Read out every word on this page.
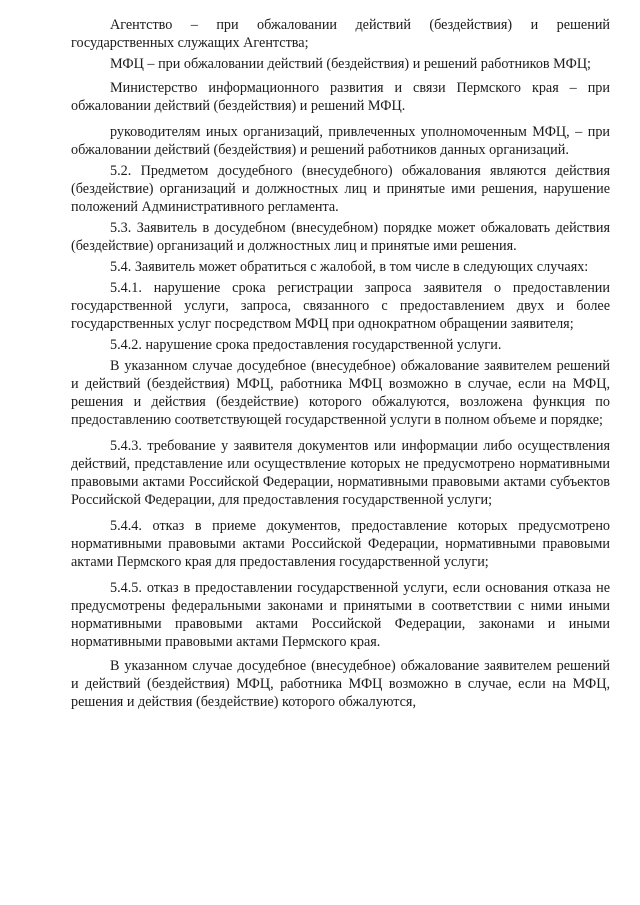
Агентство – при обжаловании действий (бездействия) и решений государственных служащих Агентства;

МФЦ – при обжаловании действий (бездействия) и решений работников МФЦ;

Министерство информационного развития и связи Пермского края – при обжаловании действий (бездействия) и решений МФЦ.

руководителям иных организаций, привлеченных уполномоченным МФЦ, – при обжаловании действий (бездействия) и решений работников данных организаций.

5.2. Предметом досудебного (внесудебного) обжалования являются действия (бездействие) организаций и должностных лиц и принятые ими решения, нарушение положений Административного регламента.

5.3. Заявитель в досудебном (внесудебном) порядке может обжаловать действия (бездействие) организаций и должностных лиц и принятые ими решения.

5.4. Заявитель может обратиться с жалобой, в том числе в следующих случаях:

5.4.1. нарушение срока регистрации запроса заявителя о предоставлении государственной услуги, запроса, связанного с предоставлением двух и более государственных услуг посредством МФЦ при однократном обращении заявителя;

5.4.2. нарушение срока предоставления государственной услуги.

В указанном случае досудебное (внесудебное) обжалование заявителем решений и действий (бездействия) МФЦ, работника МФЦ возможно в случае, если на МФЦ, решения и действия (бездействие) которого обжалуются, возложена функция по предоставлению соответствующей государственной услуги в полном объеме и порядке;

5.4.3. требование у заявителя документов или информации либо осуществления действий, представление или осуществление которых не предусмотрено нормативными правовыми актами Российской Федерации, нормативными правовыми актами субъектов Российской Федерации, для предоставления государственной услуги;

5.4.4. отказ в приеме документов, предоставление которых предусмотрено нормативными правовыми актами Российской Федерации, нормативными правовыми актами Пермского края для предоставления государственной услуги;

5.4.5. отказ в предоставлении государственной услуги, если основания отказа не предусмотрены федеральными законами и принятыми в соответствии с ними иными нормативными правовыми актами Российской Федерации, законами и иными нормативными правовыми актами Пермского края.

В указанном случае досудебное (внесудебное) обжалование заявителем решений и действий (бездействия) МФЦ, работника МФЦ возможно в случае, если на МФЦ, решения и действия (бездействие) которого обжалуются,
